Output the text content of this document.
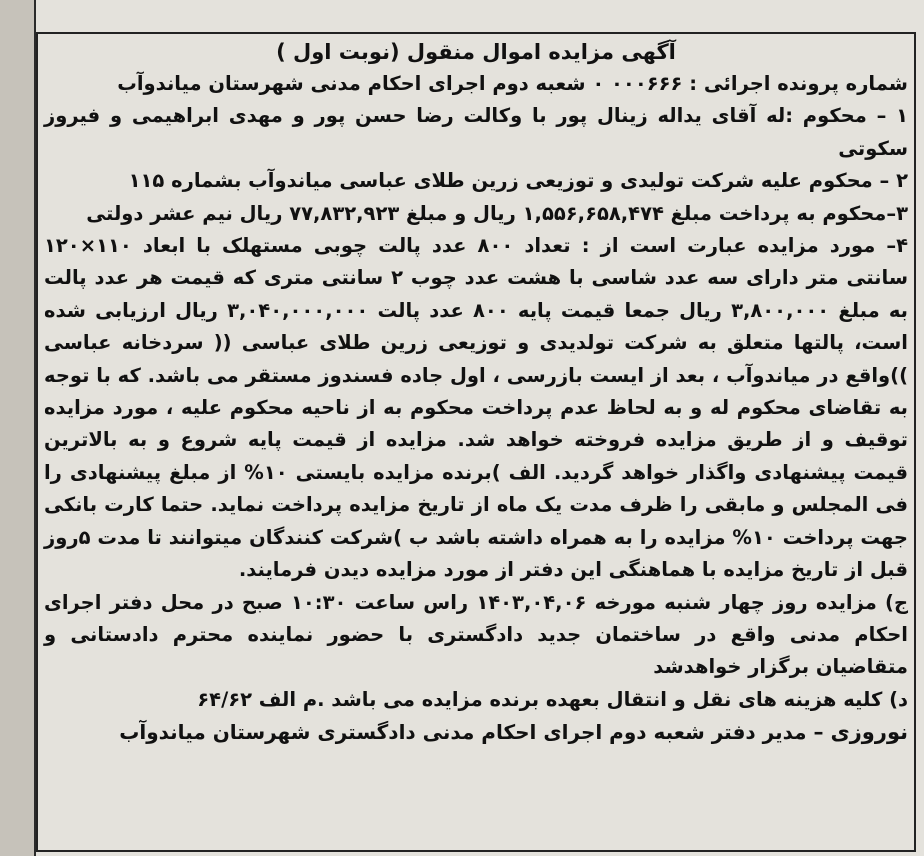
آگهی مزایده اموال منقول (نوبت اول )

شماره پرونده اجرائی : ۰۰۰۶۶۶ ۰ شعبه دوم اجرای احکام مدنی شهرستان میاندوآب

۱ – محکوم :له آقای یداله زینال پور با وکالت رضا حسن پور و مهدی ابراهیمی و فیروز سکوتی

۲ – محکوم علیه شرکت تولیدی و توزیعی زرین طلای عباسی میاندوآب بشماره ۱۱۵

۳–محکوم به پرداخت مبلغ ۱,۵۵۶,۶۵۸,۴۷۴ ریال و مبلغ ۷۷,۸۳۲,۹۲۳ ریال نیم عشر دولتی

۴– مورد مزایده عبارت است از : تعداد ۸۰۰ عدد پالت چوبی مستهلک با ابعاد ۱۱۰×۱۲۰ سانتی متر دارای سه عدد شاسی با هشت عدد چوب ۲ سانتی متری که قیمت هر عدد پالت به مبلغ ۳,۸۰۰,۰۰۰ ریال جمعا قیمت پایه ۸۰۰ عدد پالت ۳,۰۴۰,۰۰۰,۰۰۰ ریال ارزیابی شده است، پالتها متعلق به شرکت تولدیدی و توزیعی زرین طلای عباسی (( سردخانه عباسی ))واقع در میاندوآب ، بعد از ایست بازرسی ، اول جاده فسندوز مستقر می باشد. که با توجه به تقاضای محکوم له و به لحاظ عدم پرداخت محکوم به از ناحیه محکوم علیه ، مورد مزایده توقیف و از طریق مزایده فروخته خواهد شد. مزایده از قیمت پایه شروع و به بالاترین قیمت پیشنهادی واگذار خواهد گردید. الف )برنده مزایده بایستی ۱۰% از مبلغ پیشنهادی را فی المجلس و مابقی را ظرف مدت یک ماه از تاریخ مزایده پرداخت نماید. حتما کارت بانکی جهت پرداخت ۱۰% مزایده را به همراه داشته باشد ب )شرکت کنندگان میتوانند تا مدت ۵روز قبل از تاریخ مزایده با هماهنگی این دفتر از مورد مزایده دیدن فرمایند.

ج) مزایده روز چهار شنبه مورخه ۱۴۰۳,۰۴,۰۶ راس ساعت ۱۰:۳۰ صبح در محل دفتر اجرای احکام مدنی واقع در ساختمان جدید دادگستری با حضور نماینده محترم دادستانی و متقاضیان برگزار خواهدشد

د) کلیه هزینه های نقل و انتقال بعهده برنده مزایده می باشد .م الف ۶۴/۶۲

نوروزی – مدیر دفتر شعبه دوم اجرای احکام مدنی دادگستری شهرستان میاندوآب
